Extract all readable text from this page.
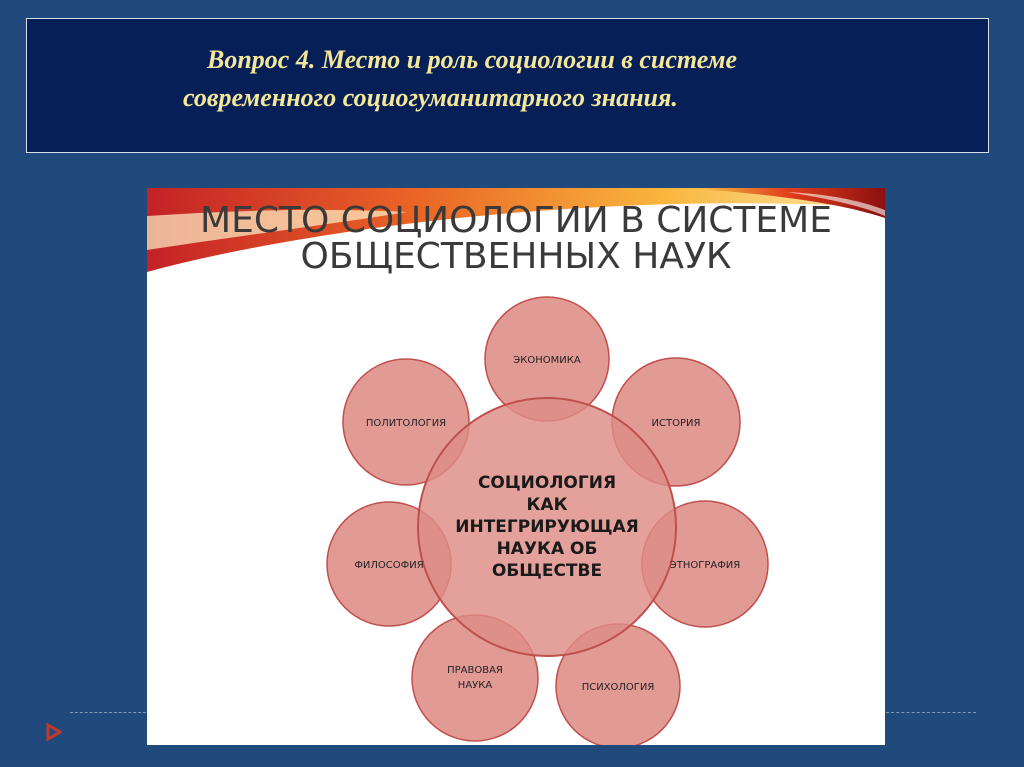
Вопрос 4. Место и роль социологии в системе
современного социогуманитарного знания.

МЕСТО СОЦИОЛОГИИ В СИСТЕМЕ
ОБЩЕСТВЕННЫХ НАУК
СОЦИОЛОГИЯ
КАК
ИНТЕГРИРУЮЩАЯ
НАУКА ОБ
ОБЩЕСТВЕ
ЭКОНОМИКА
ИСТОРИЯ
ЭТНОГРАФИЯ
ПСИХОЛОГИЯ
ПРАВОВАЯ
НАУКА
ФИЛОСОФИЯ
ПОЛИТОЛОГИЯ
